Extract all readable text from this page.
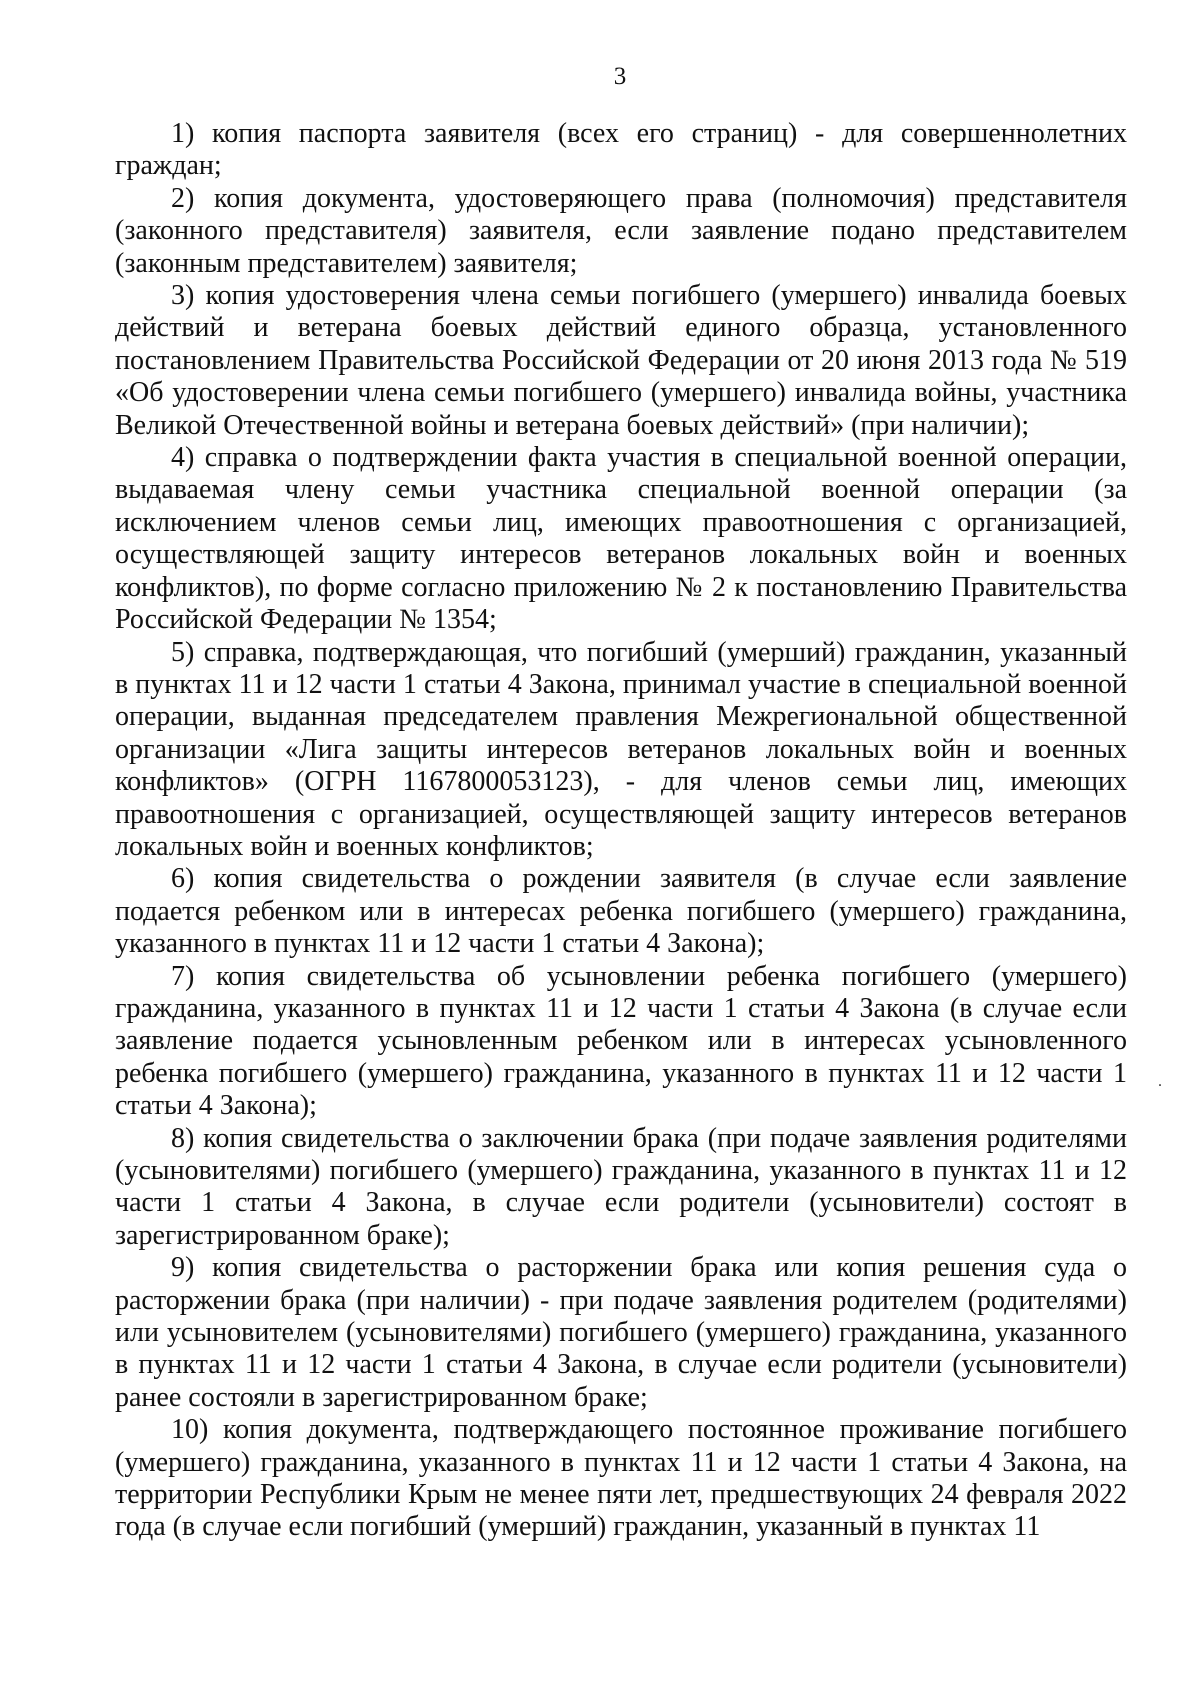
3

1) копия паспорта заявителя (всех его страниц) - для совершеннолетних граждан;

2) копия документа, удостоверяющего права (полномочия) представителя (законного представителя) заявителя, если заявление подано представителем (законным представителем) заявителя;

3) копия удостоверения члена семьи погибшего (умершего) инвалида боевых действий и ветерана боевых действий единого образца, установленного постановлением Правительства Российской Федерации от 20 июня 2013 года № 519 «Об удостоверении члена семьи погибшего (умершего) инвалида войны, участника Великой Отечественной войны и ветерана боевых действий» (при наличии);

4) справка о подтверждении факта участия в специальной военной операции, выдаваемая члену семьи участника специальной военной операции (за исключением членов семьи лиц, имеющих правоотношения с организацией, осуществляющей защиту интересов ветеранов локальных войн и военных конфликтов), по форме согласно приложению № 2 к постановлению Правительства Российской Федерации № 1354;

5) справка, подтверждающая, что погибший (умерший) гражданин, указанный в пунктах 11 и 12 части 1 статьи 4 Закона, принимал участие в специальной военной операции, выданная председателем правления Межрегиональной общественной организации «Лига защиты интересов ветеранов локальных войн и военных конфликтов» (ОГРН 1167800053123), - для членов семьи лиц, имеющих правоотношения с организацией, осуществляющей защиту интересов ветеранов локальных войн и военных конфликтов;

6) копия свидетельства о рождении заявителя (в случае если заявление подается ребенком или в интересах ребенка погибшего (умершего) гражданина, указанного в пунктах 11 и 12 части 1 статьи 4 Закона);

7) копия свидетельства об усыновлении ребенка погибшего (умершего) гражданина, указанного в пунктах 11 и 12 части 1 статьи 4 Закона (в случае если заявление подается усыновленным ребенком или в интересах усыновленного ребенка погибшего (умершего) гражданина, указанного в пунктах 11 и 12 части 1 статьи 4 Закона);

8) копия свидетельства о заключении брака (при подаче заявления родителями (усыновителями) погибшего (умершего) гражданина, указанного в пунктах 11 и 12 части 1 статьи 4 Закона, в случае если родители (усыновители) состоят в зарегистрированном браке);

9) копия свидетельства о расторжении брака или копия решения суда о расторжении брака (при наличии) - при подаче заявления родителем (родителями) или усыновителем (усыновителями) погибшего (умершего) гражданина, указанного в пунктах 11 и 12 части 1 статьи 4 Закона, в случае если родители (усыновители) ранее состояли в зарегистрированном браке;

10) копия документа, подтверждающего постоянное проживание погибшего (умершего) гражданина, указанного в пунктах 11 и 12 части 1 статьи 4 Закона, на территории Республики Крым не менее пяти лет, предшествующих 24 февраля 2022 года (в случае если погибший (умерший) гражданин, указанный в пунктах 11

.
